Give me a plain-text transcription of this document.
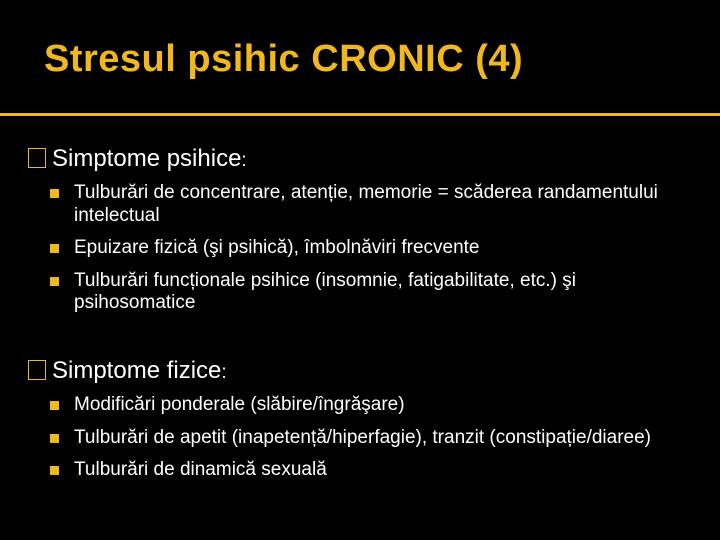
Stresul psihic CRONIC (4)
Simptome psihice:
Tulburări de concentrare, atenție, memorie = scăderea randamentului intelectual
Epuizare fizică (şi psihică), îmbolnăviri frecvente
Tulburări funcționale psihice (insomnie, fatigabilitate, etc.) şi psihosomatice
Simptome fizice:
Modificări ponderale (slăbire/îngrăşare)
Tulburări de apetit (inapetență/hiperfagie), tranzit (constipație/diaree)
Tulburări de dinamică sexuală
